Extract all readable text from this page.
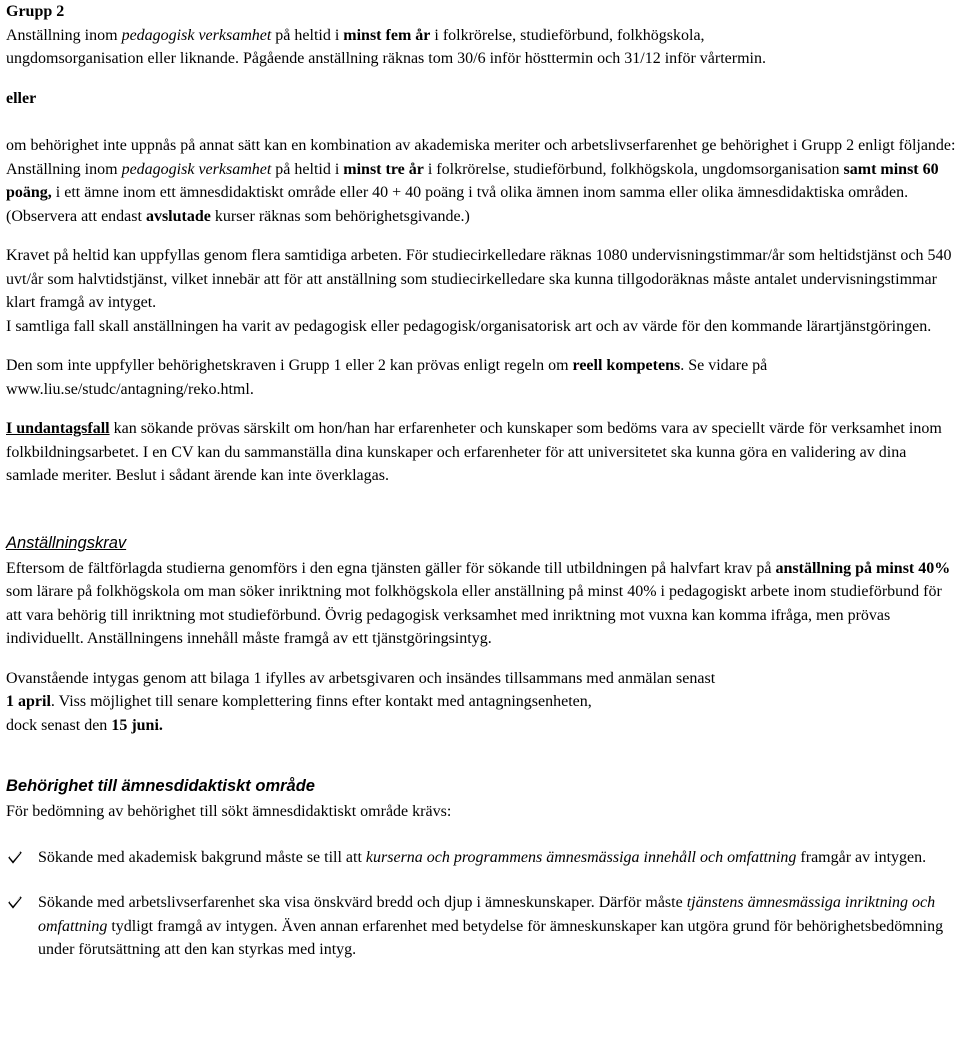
Grupp 2

Anställning inom pedagogisk verksamhet på heltid i minst fem år i folkrörelse, studieförbund, folkhögskola,
ungdomsorganisation eller liknande. Pågående anställning räknas tom 30/6 inför hösttermin och 31/12 inför vårtermin.

eller

om behörighet inte uppnås på annat sätt kan en kombination av akademiska meriter och arbetslivserfarenhet ge behörighet i Grupp 2 enligt följande: Anställning inom pedagogisk verksamhet på heltid i minst tre år i folkrörelse, studieförbund, folkhögskola, ungdomsorganisation samt minst 60 poäng, i ett ämne inom ett ämnesdidaktiskt område eller 40 + 40 poäng i två olika ämnen inom samma eller olika ämnesdidaktiska områden. (Observera att endast avslutade kurser räknas som behörighetsgivande.)

Kravet på heltid kan uppfyllas genom flera samtidiga arbeten. För studiecirkelledare räknas 1080 undervisningstimmar/år som heltidstjänst och 540 uvt/år som halvtidstjänst, vilket innebär att för att anställning som studiecirkelledare ska kunna tillgodoräknas måste antalet undervisningstimmar klart framgå av intyget.

I samtliga fall skall anställningen ha varit av pedagogisk eller pedagogisk/organisatorisk art och av värde för den kommande lärartjänstgöringen.

Den som inte uppfyller behörighetskraven i Grupp 1 eller 2 kan prövas enligt regeln om reell kompetens. Se vidare på www.liu.se/studc/antagning/reko.html.

I undantagsfall kan sökande prövas särskilt om hon/han har erfarenheter och kunskaper som bedöms vara av speciellt värde för verksamhet inom folkbildningsarbetet. I en CV kan du sammanställa dina kunskaper och erfarenheter för att universitetet ska kunna göra en validering av dina samlade meriter. Beslut i sådant ärende kan inte överklagas.

Anställningskrav

Eftersom de fältförlagda studierna genomförs i den egna tjänsten gäller för sökande till utbildningen på halvfart krav på anställning på minst 40% som lärare på folkhögskola om man söker inriktning mot folkhögskola eller anställning på minst 40% i pedagogiskt arbete inom studieförbund för att vara behörig till inriktning mot studieförbund. Övrig pedagogisk verksamhet med inriktning mot vuxna kan komma ifråga, men prövas individuellt. Anställningens innehåll måste framgå av ett tjänstgöringsintyg.

Ovanstående intygas genom att bilaga 1 ifylles av arbetsgivaren och insändes tillsammans med anmälan senast
1 april. Viss möjlighet till senare komplettering finns efter kontakt med antagningsenheten,
dock senast den 15 juni.

Behörighet till ämnesdidaktiskt område

För bedömning av behörighet till sökt ämnesdidaktiskt område krävs:

Sökande med akademisk bakgrund måste se till att kurserna och programmens ämnesmässiga innehåll och omfattning framgår av intygen.
Sökande med arbetslivserfarenhet ska visa önskvärd bredd och djup i ämneskunskaper. Därför måste tjänstens ämnesmässiga inriktning och omfattning tydligt framgå av intygen. Även annan erfarenhet med betydelse för ämneskunskaper kan utgöra grund för behörighetsbedömning under förutsättning att den kan styrkas med intyg.
